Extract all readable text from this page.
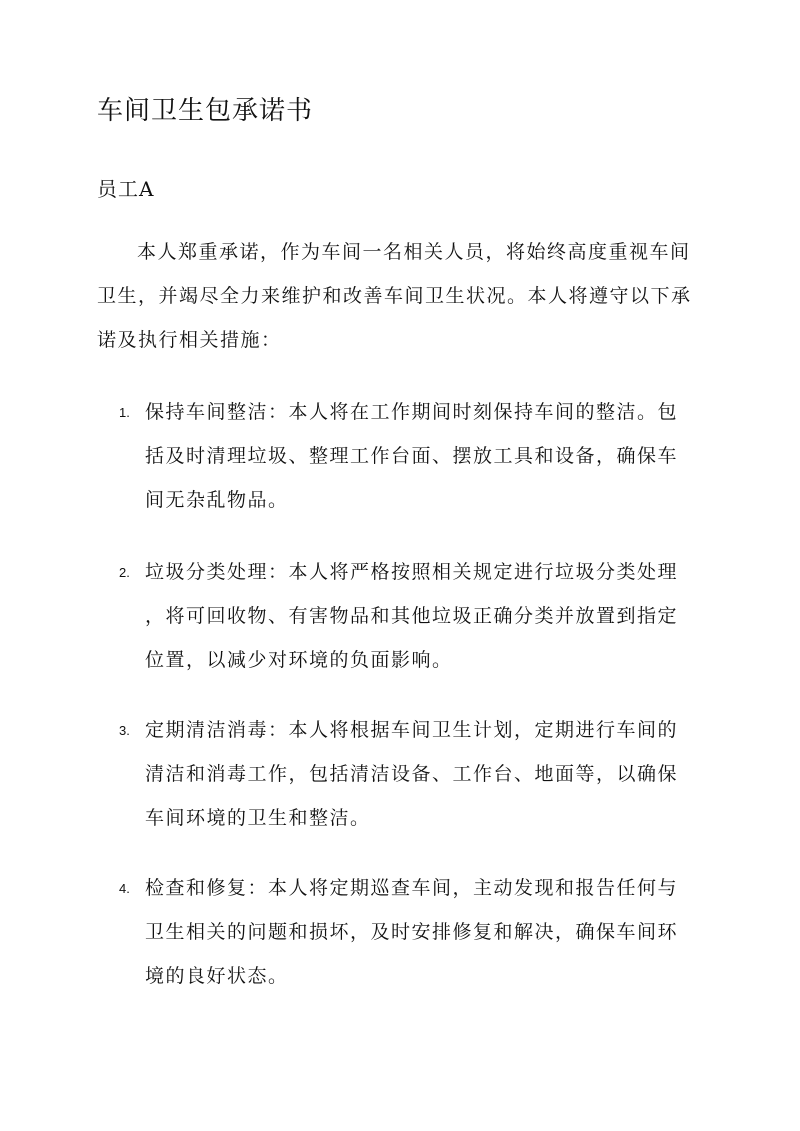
车间卫生包承诺书

员工A

本人郑重承诺，作为车间一名相关人员，将始终高度重视车间
卫生，并竭尽全力来维护和改善车间卫生状况。本人将遵守以下承
诺及执行相关措施：

1. 保持车间整洁：本人将在工作期间时刻保持车间的整洁。包
括及时清理垃圾、整理工作台面、摆放工具和设备，确保车
间无杂乱物品。
2. 垃圾分类处理：本人将严格按照相关规定进行垃圾分类处理
，将可回收物、有害物品和其他垃圾正确分类并放置到指定
位置，以减少对环境的负面影响。
3. 定期清洁消毒：本人将根据车间卫生计划，定期进行车间的
清洁和消毒工作，包括清洁设备、工作台、地面等，以确保
车间环境的卫生和整洁。
4. 检查和修复：本人将定期巡查车间，主动发现和报告任何与
卫生相关的问题和损坏，及时安排修复和解决，确保车间环
境的良好状态。
